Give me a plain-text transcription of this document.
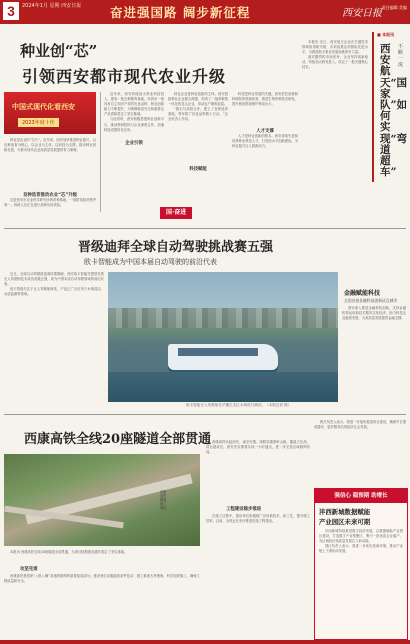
3	2024年1月 星期 西安日报	奋进强国路 阔步新征程	西安日报
责任编辑 美编
种业创“芯”
引领西安都市现代农业升级
中国式现代化看西安
2023年度十佳

种业是农业的“芯片”。近年来，西安加快推进种业振兴，以良种选育为核心，以企业为主体，以科技为支撑，推动种业创新发展，为都市现代农业高质量发展提供有力保障。

良种选育推动农业“芯”升级

走进西安市农业科学研究所的育种基地，一排排试验田整齐划一，科研人员正在进行品种比较试验。

近年来，西安持续加大种业科技投入，建成一批良种繁育基地，培育出一批具有自主知识产权的优良品种，种业创新能力不断提升，为保障粮食安全和重要农产品供给奠定了坚实基础。

与此同时，西安积极搭建种业创新平台，推动科研院所与企业深度合作，加速科技成果转化应用。

企业引领

种业企业是种业创新的主体。西安鼓励种业企业做大做强，培育了一批育繁推一体化的龙头企业，带动农户增收致富。

“我们与高校合作，建立了良种选育基地，每年推广优良品种数十万亩。”企业负责人介绍。

科技赋能

科技是种业发展的关键。西安依托高校和科研院所资源优势，推进生物育种技术研发，提升种质资源保护利用水平。

人才支撑

人才是种业创新的根本。西安持续引进和培养种业科技人才，打造高水平创新团队，为种业振兴注入源源动力。

本报讯 近日，西安航天企业在关键技术领域取得新突破，多项成果达到国际先进水平，为我国航天事业发展贡献西安力量。

面对激烈的市场竞争，企业坚持创新驱动，持续加大研发投入，攻克了一批关键核心技术。

■ 本报讯
西安航天“国家队”如何实现“弯道超车”
不断 一流
国·奋进
晋级迪拜全球自动驾驶挑战赛五强
欧卡智能成为中国本届自动驾驶的前沿代表

近日，全球自动驾驶挑战赛结果揭晓，西安欧卡智能凭借领先的无人驾驶船技术成功晋级五强，成为中国本届自动驾驶领域的前沿代表。

欧卡智能专注于无人驾驶船研发，产品已广泛应用于水域清洁、水质监测等领域。

欧卡智能无人驾驶船在浐灞生态区水域进行测试。（本报记者 摄）
金融赋能科技
全国首批金融科技创新试点城市

西安深入推进金融科技创新，支持金融机构运用新技术服务实体经济，助力科技企业融资发展，为高质量发展提供金融支撑。

西康高铁全线20座隧道全部贯通
西康高铁隧道施工现场

本报讯 西康高铁全线20座隧道全部贯通，为项目按期建成通车奠定了坚实基础。

攻坚克难

西康高铁是国家“八纵八横”高速铁路网的重要组成部分。建设者们克服地质条件复杂、施工难度大等困难，科学组织施工，确保工程质量和安全。

西康高铁北起西安，南至安康，线路穿越秦岭山脉，隧道占比高。项目建成后，西安至安康将实现一小时通达，进一步完善区域路网布局。

工程建设稳步推进

在施工过程中，建设单位积极推广应用新技术、新工艺，提升施工效率。目前，全线正在有序推进后续工程建设。

相关负责人表示，将进一步加快推进项目建设，确保早日建成通车，更好服务沿线经济社会发展。

强信心 稳预期 助增长
沣西新城数据赋能
产业园区未来可期

沣西新城持续推进数字经济发展，以数据赋能产业园区建设，打造数字产业集聚区，吸引一批优质企业落户，为区域经济高质量发展注入新动能。

园区负责人表示，将进一步优化营商环境，推动产业链上下游协同发展。
